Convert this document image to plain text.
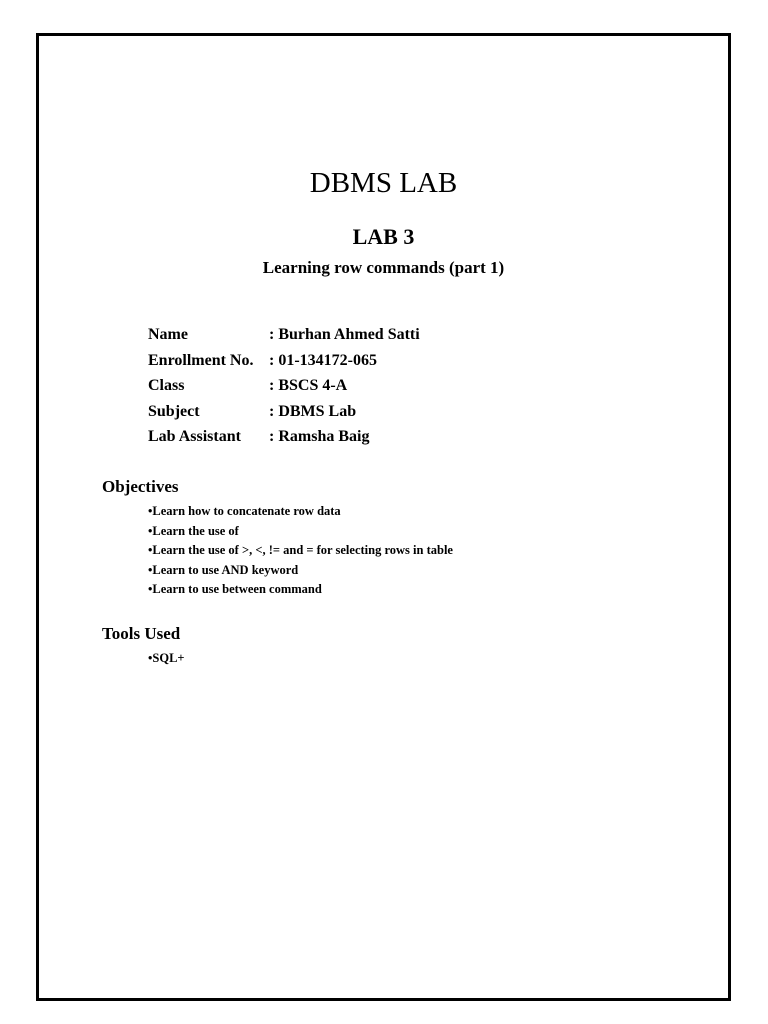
DBMS LAB
LAB 3
Learning row commands (part 1)
Name	: Burhan Ahmed Satti
Enrollment No. : 01-134172-065
Class	: BSCS 4-A
Subject	: DBMS Lab
Lab Assistant : Ramsha Baig
Objectives
•Learn how to concatenate row data
•Learn the use of
•Learn the use of >, <, != and = for selecting rows in table
•Learn to use AND keyword
•Learn to use between command
Tools Used
•SQL+
